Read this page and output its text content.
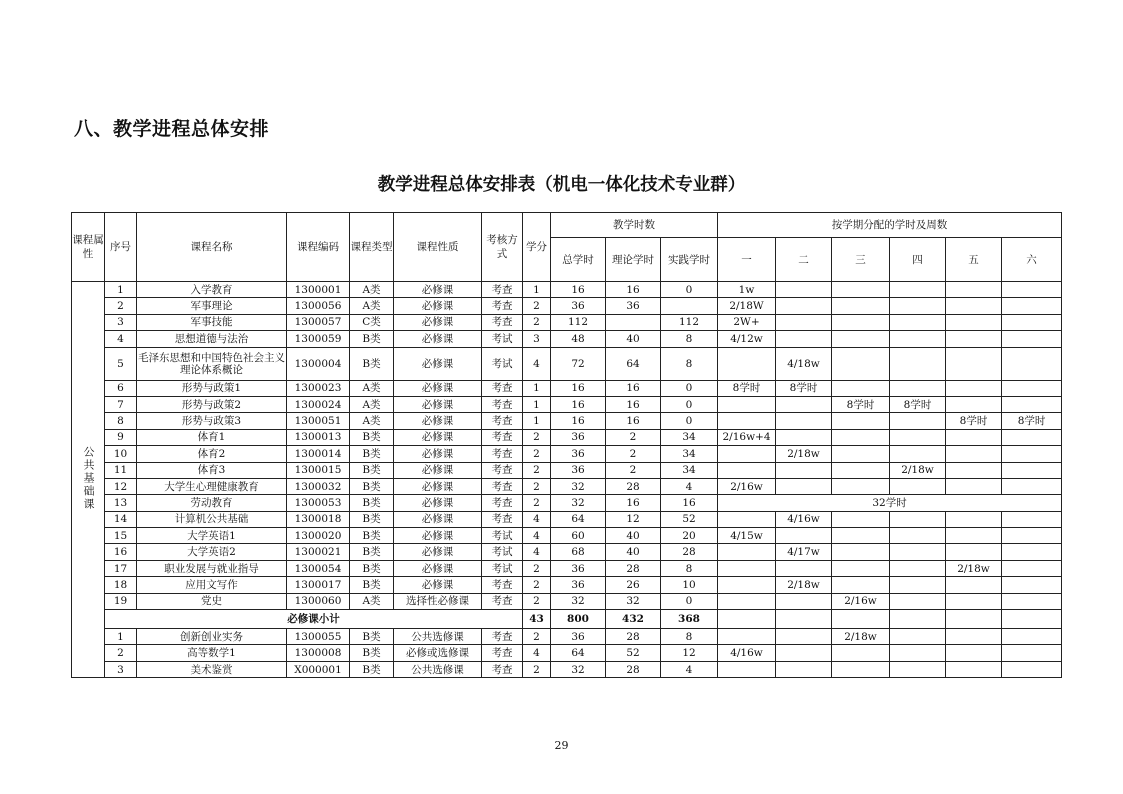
八、教学进程总体安排
教学进程总体安排表（机电一体化技术专业群）
课程属性	序号	课程名称	课程编码	课程类型	课程性质	考核方式	学分	教学时数			按学期分配的学时及周数					
								总学时	理论学时	实践学时	一	二	三	四	五	六
公共基础课	1	入学教育	1300001	A类	必修课	考查	1	16	16	0	1w					
	2	军事理论	1300056	A类	必修课	考查	2	36	36		2/18W					
	3	军事技能	1300057	C类	必修课	考查	2	112		112	2W+					
	4	思想道德与法治	1300059	B类	必修课	考试	3	48	40	8	4/12w					
	5	毛泽东思想和中国特色社会主义理论体系概论	1300004	B类	必修课	考试	4	72	64	8		4/18w				
	6	形势与政策1	1300023	A类	必修课	考查	1	16	16	0	8学时	8学时				
	7	形势与政策2	1300024	A类	必修课	考查	1	16	16	0			8学时	8学时		
	8	形势与政策3	1300051	A类	必修课	考查	1	16	16	0					8学时	8学时
	9	体育1	1300013	B类	必修课	考查	2	36	2	34	2/16w+4					
	10	体育2	1300014	B类	必修课	考查	2	36	2	34		2/18w				
	11	体育3	1300015	B类	必修课	考查	2	36	2	34				2/18w		
	12	大学生心理健康教育	1300032	B类	必修课	考查	2	32	28	4	2/16w					
	13	劳动教育	1300053	B类	必修课	考查	2	32	16	16	32学时					
	14	计算机公共基础	1300018	B类	必修课	考查	4	64	12	52		4/16w				
	15	大学英语1	1300020	B类	必修课	考试	4	60	40	20	4/15w					
	16	大学英语2	1300021	B类	必修课	考试	4	68	40	28		4/17w				
	17	职业发展与就业指导	1300054	B类	必修课	考试	2	36	28	8					2/18w	
	18	应用文写作	1300017	B类	必修课	考查	2	36	26	10		2/18w				
	19	党史	1300060	A类	选择性必修课	考查	2	32	32	0			2/16w			
	必修课小计						43	800	432	368						
	1	创新创业实务	1300055	B类	公共选修课	考查	2	36	28	8			2/18w			
	2	高等数学1	1300008	B类	必修或选修课	考查	4	64	52	12	4/16w					
	3	美术鉴赏	X000001	B类	公共选修课	考查	2	32	28	4						
29
